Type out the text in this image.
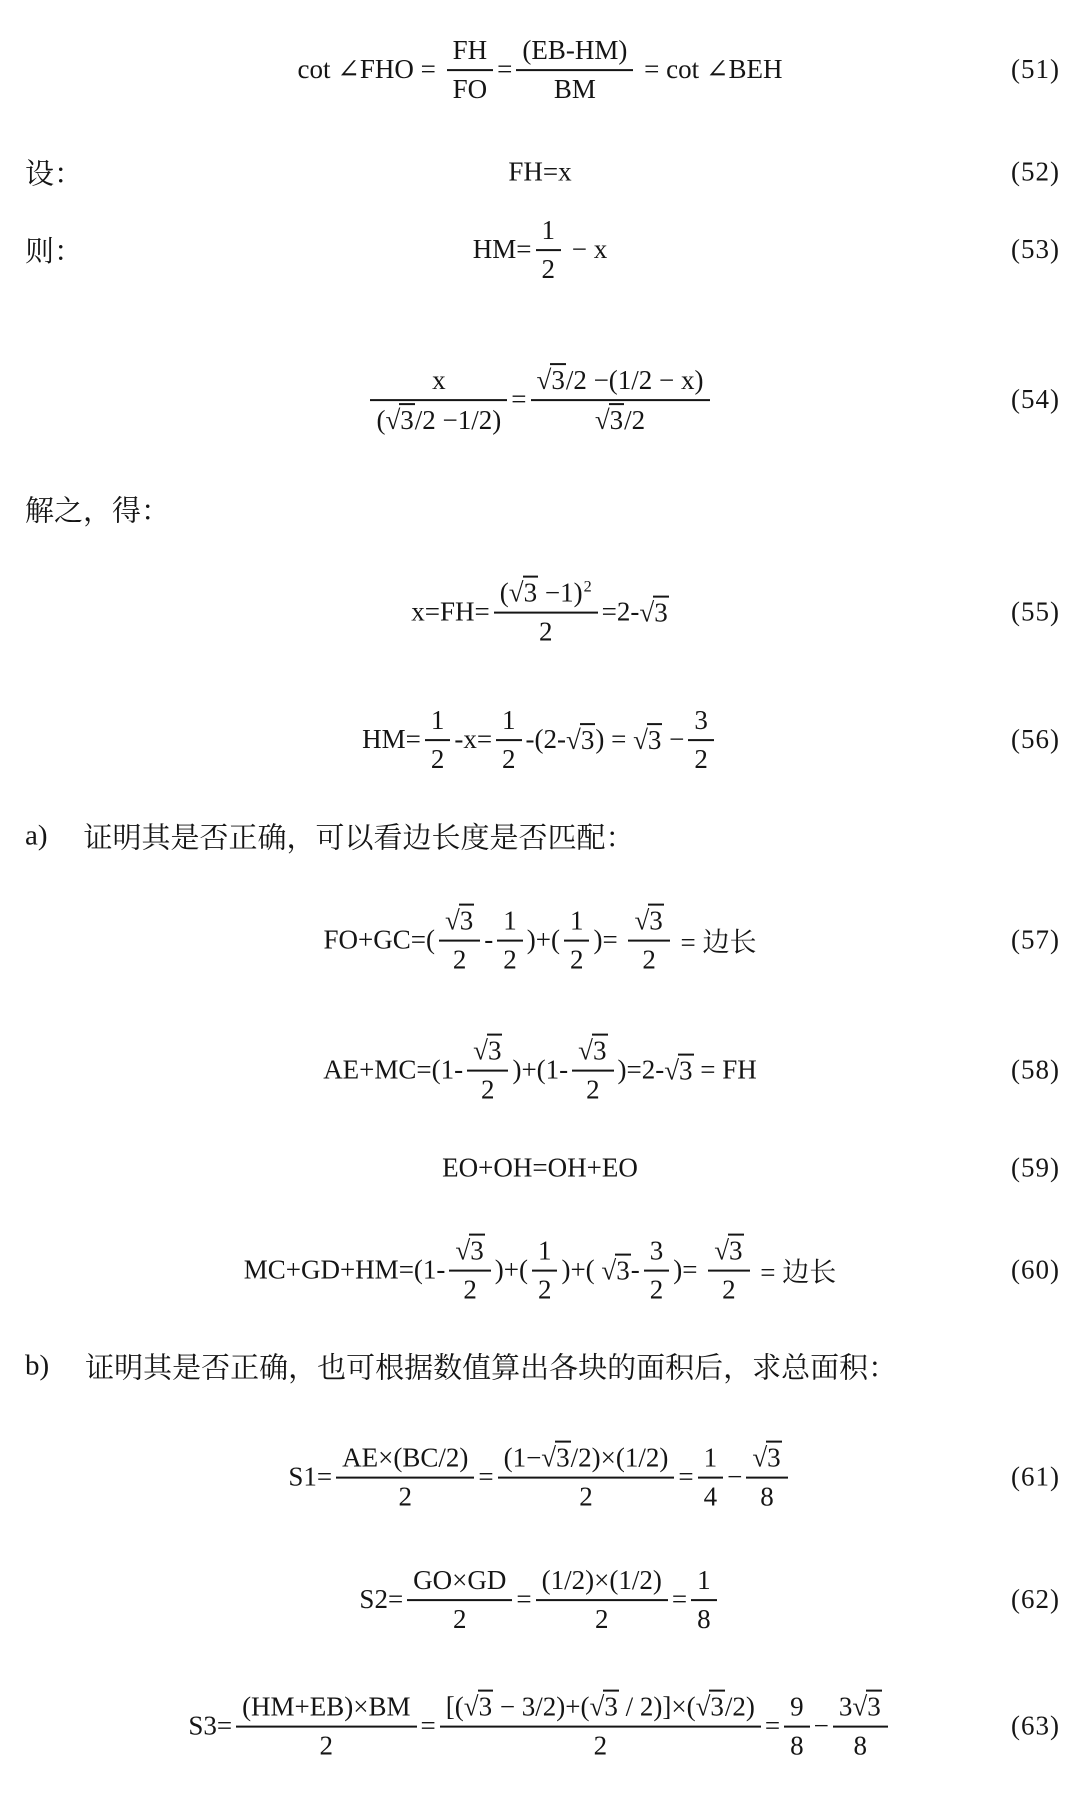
cot ∠FHO = $\frac{FH}{FO} = \frac{(EB-HM)}{BM} = \cot$ ∠BEH	(51)
设：	FH=x	(52)
则：	$HM= \frac{1}{2} - x$	(53)
$\frac{x}{(√3/2 -1/2)} = \frac{√3/2 -(1/2 - x)}{√3/2}$	(54)
解之，得：
$x=FH= \frac{(√3 -1)^2}{2} =2-$ √3	(55)
$HM= \frac{1}{2} -x= \frac{1}{2} -(2-$ √3 ) = $√3 - \frac{3}{2}$	(56)
a) 证明其是否正确，可以看边长度是否匹配：
$FO+GC=( \frac{√3}{2} - \frac{1}{2}$ )+( $\frac{1}{2}$ )= $\frac{√3}{2}$ = 边长	(57)
$AE+MC=(1- \frac{√3}{2} )+(1- \frac{√3}{2} )=2-$ √3 = FH	(58)
EO+OH=OH+EO	(59)
$MC+GD+HM=(1- \frac{√3}{2}$ )+( $\frac{1}{2}$ )+( $√3 - \frac{3}{2}$ )= $\frac{√3}{2}$ = 边长	(60)
b) 证明其是否正确，也可根据数值算出各块的面积后，求总面积：
$S1= \frac{AE\times(BC/2)}{2} = \frac{(1-√3/2)\times(1/2)}{2} = \frac{1}{4} - \frac{√3}{8}$	(61)
$S2= \frac{GO\times GD}{2} = \frac{(1/2)\times(1/2)}{2} = \frac{1}{8}$	(62)
$S3= \frac{(HM+EB)\times BM}{2} = \frac{[(√3 - 3/2)+(√3 / 2)]\times(√3/2)}{2} = \frac{9}{8} - \frac{3√3}{8}$	(63)
